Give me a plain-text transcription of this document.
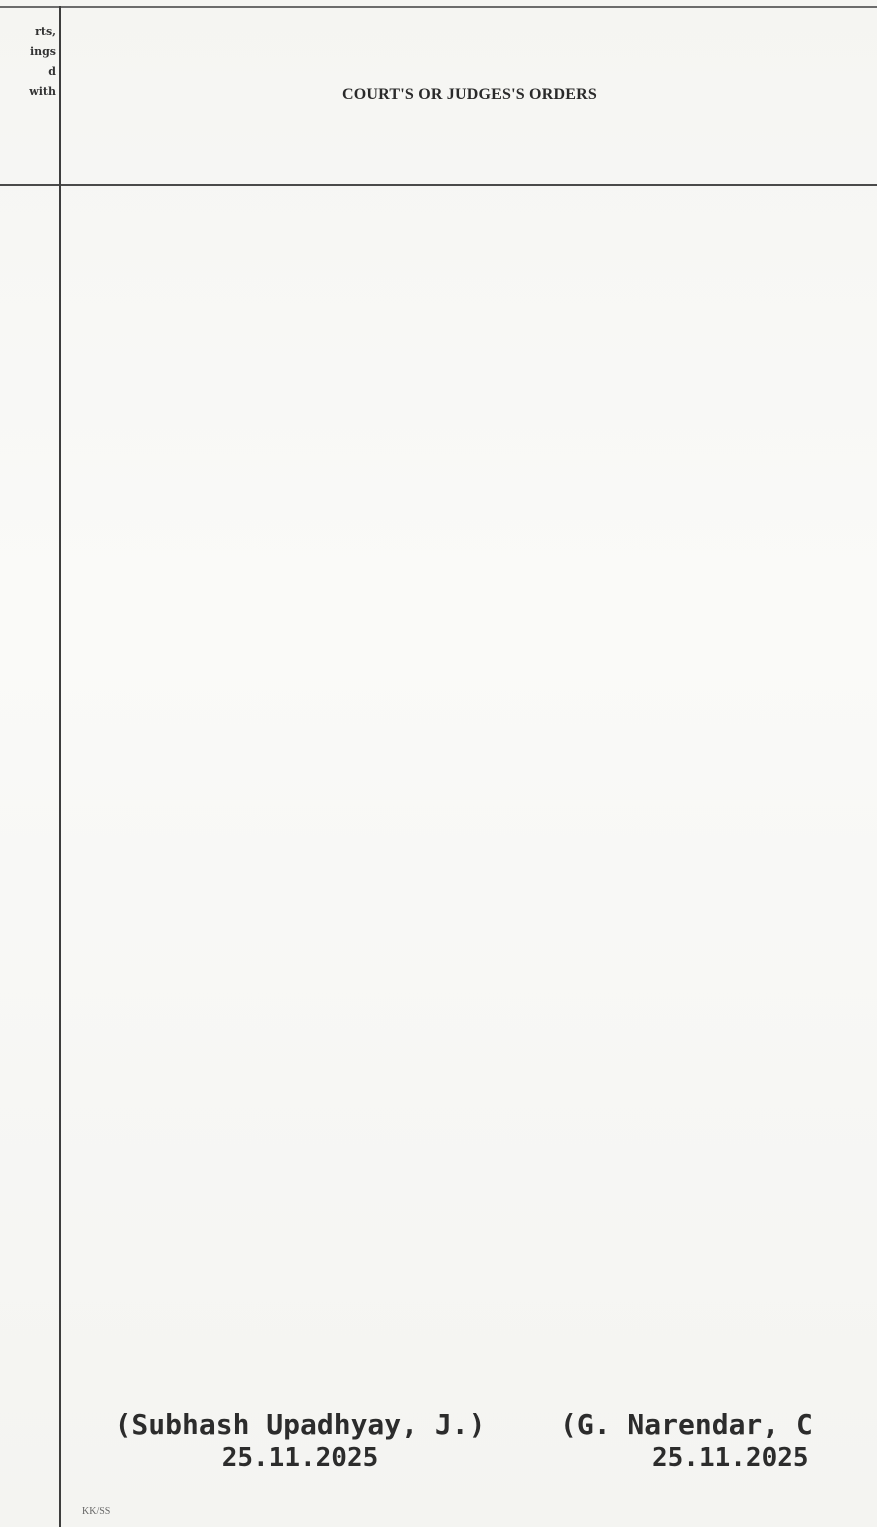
rts,
ings
d
with	COURT'S OR JUDGES'S ORDERS
(Subhash Upadhyay, J.)
25.11.2025
(G. Narendar, C
25.11.2025
KK/SS
